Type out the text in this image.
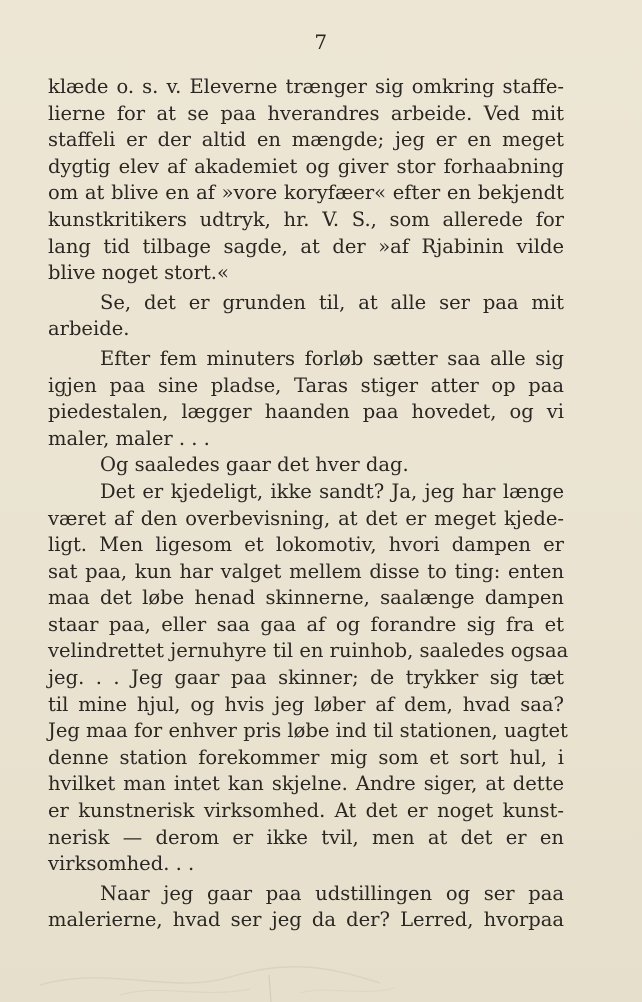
7
klæde o. s. v. Eleverne trænger sig omkring staffe-
lierne for at se paa hverandres arbeide. Ved mit
staffeli er der altid en mængde; jeg er en meget
dygtig elev af akademiet og giver stor forhaabning
om at blive en af »vore koryfæer« efter en bekjendt
kunstkritikers udtryk, hr. V. S., som allerede for
lang tid tilbage sagde, at der »af Rjabinin vilde
blive noget stort.«
Se, det er grunden til, at alle ser paa mit
arbeide.
Efter fem minuters forløb sætter saa alle sig
igjen paa sine pladse, Taras stiger atter op paa
piedestalen, lægger haanden paa hovedet, og vi
maler, maler . . .
Og saaledes gaar det hver dag.
Det er kjedeligt, ikke sandt? Ja, jeg har længe
været af den overbevisning, at det er meget kjede-
ligt. Men ligesom et lokomotiv, hvori dampen er
sat paa, kun har valget mellem disse to ting: enten
maa det løbe henad skinnerne, saalænge dampen
staar paa, eller saa gaa af og forandre sig fra et
velindrettet jernuhyre til en ruinhob, saaledes ogsaa
jeg. . . Jeg gaar paa skinner; de trykker sig tæt
til mine hjul, og hvis jeg løber af dem, hvad saa?
Jeg maa for enhver pris løbe ind til stationen, uagtet
denne station forekommer mig som et sort hul, i
hvilket man intet kan skjelne. Andre siger, at dette
er kunstnerisk virksomhed. At det er noget kunst-
nerisk — derom er ikke tvil, men at det er en
virksomhed. . .
Naar jeg gaar paa udstillingen og ser paa
malerierne, hvad ser jeg da der? Lerred, hvorpaa
